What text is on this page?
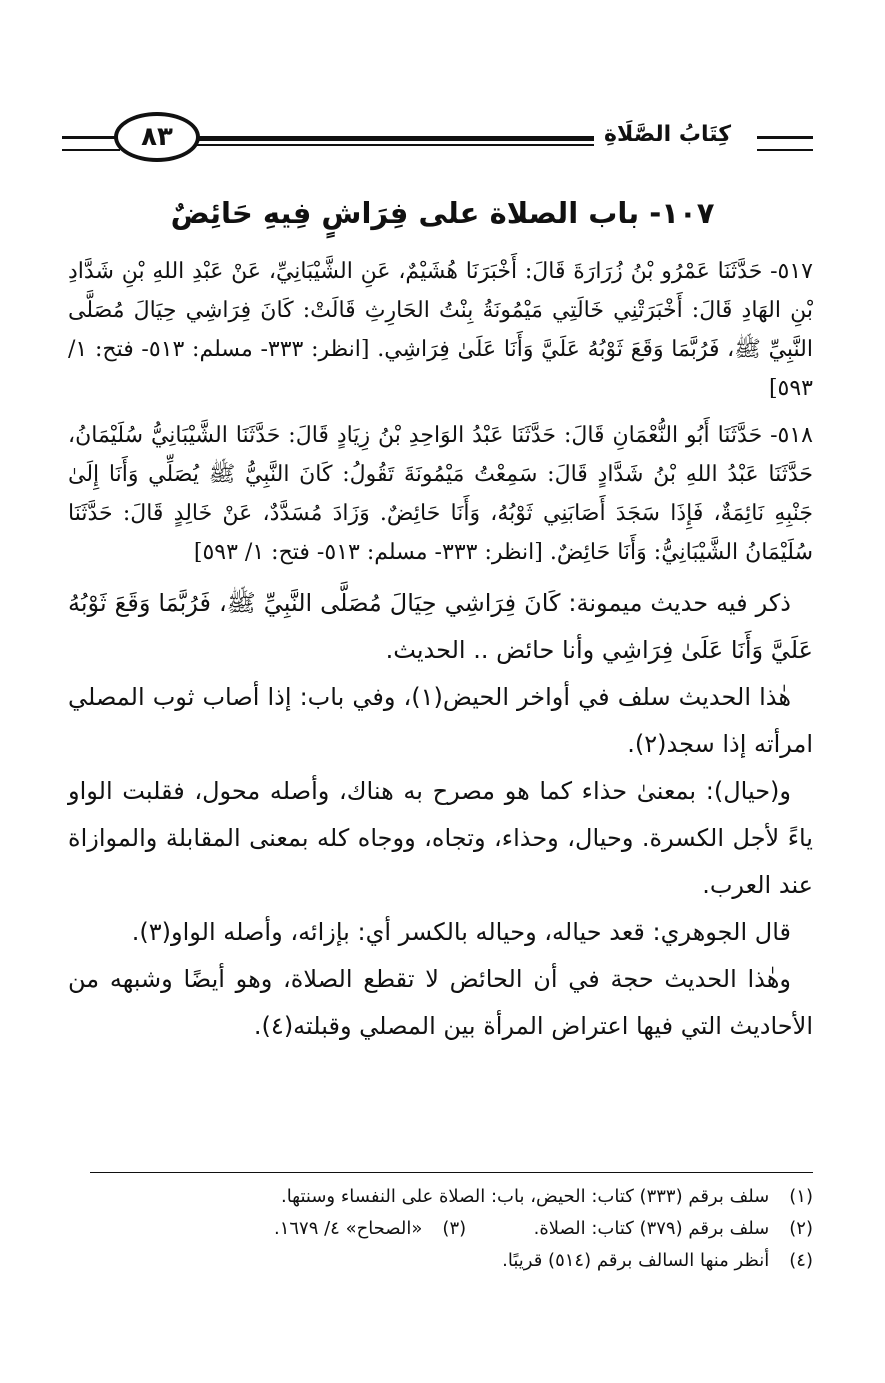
٨٣	كِتَابُ الصَّلَاةِ
١٠٧- باب الصلاة على فِرَاشٍ فِيهِ حَائِضٌ

٥١٧- حَدَّثَنَا عَمْرُو بْنُ زُرَارَةَ قَالَ: أَخْبَرَنَا هُشَيْمٌ، عَنِ الشَّيْبَانِيِّ، عَنْ عَبْدِ اللهِ بْنِ شَدَّادِ بْنِ الهَادِ قَالَ: أَخْبَرَتْنِي خَالَتِي مَيْمُونَةُ بِنْتُ الحَارِثِ قَالَتْ: كَانَ فِرَاشِي حِيَالَ مُصَلَّى النَّبِيِّ ﷺ، فَرُبَّمَا وَقَعَ ثَوْبُهُ عَلَيَّ وَأَنَا عَلَىٰ فِرَاشِي. [انظر: ٣٣٣- مسلم: ٥١٣- فتح: ١/ ٥٩٣]

٥١٨- حَدَّثَنَا أَبُو النُّعْمَانِ قَالَ: حَدَّثَنَا عَبْدُ الوَاحِدِ بْنُ زِيَادٍ قَالَ: حَدَّثَنَا الشَّيْبَانِيُّ سُلَيْمَانُ، حَدَّثَنَا عَبْدُ اللهِ بْنُ شَدَّادٍ قَالَ: سَمِعْتُ مَيْمُونَةَ تَقُولُ: كَانَ النَّبِيُّ ﷺ يُصَلِّي وَأَنَا إِلَىٰ جَنْبِهِ نَائِمَةٌ، فَإِذَا سَجَدَ أَصَابَنِي ثَوْبُهُ، وَأَنَا حَائِضٌ. وَزَادَ مُسَدَّدٌ، عَنْ خَالِدٍ قَالَ: حَدَّثَنَا سُلَيْمَانُ الشَّيْبَانِيُّ: وَأَنَا حَائِضٌ. [انظر: ٣٣٣- مسلم: ٥١٣- فتح: ١/ ٥٩٣]

ذكر فيه حديث ميمونة: كَانَ فِرَاشِي حِيَالَ مُصَلَّى النَّبِيِّ ﷺ، فَرُبَّمَا وَقَعَ ثَوْبُهُ عَلَيَّ وَأَنَا عَلَىٰ فِرَاشِي وأنا حائض .. الحديث.

هٰذا الحديث سلف في أواخر الحيض(١)، وفي باب: إذا أصاب ثوب المصلي امرأته إذا سجد(٢).

و(حيال): بمعنىٰ حذاء كما هو مصرح به هناك، وأصله محول، فقلبت الواو ياءً لأجل الكسرة. وحيال، وحذاء، وتجاه، ووجاه كله بمعنى المقابلة والموازاة عند العرب.

قال الجوهري: قعد حياله، وحياله بالكسر أي: بإزائه، وأصله الواو(٣).

وهٰذا الحديث حجة في أن الحائض لا تقطع الصلاة، وهو أيضًا وشبهه من الأحاديث التي فيها اعتراض المرأة بين المصلي وقبلته(٤).

(١) سلف برقم (٣٣٣) كتاب: الحيض، باب: الصلاة على النفساء وسنتها.
(٢) سلف برقم (٣٧٩) كتاب: الصلاة.  (٣) «الصحاح» ٤/ ١٦٧٩.
(٤) أنظر منها السالف برقم (٥١٤) قريبًا.
